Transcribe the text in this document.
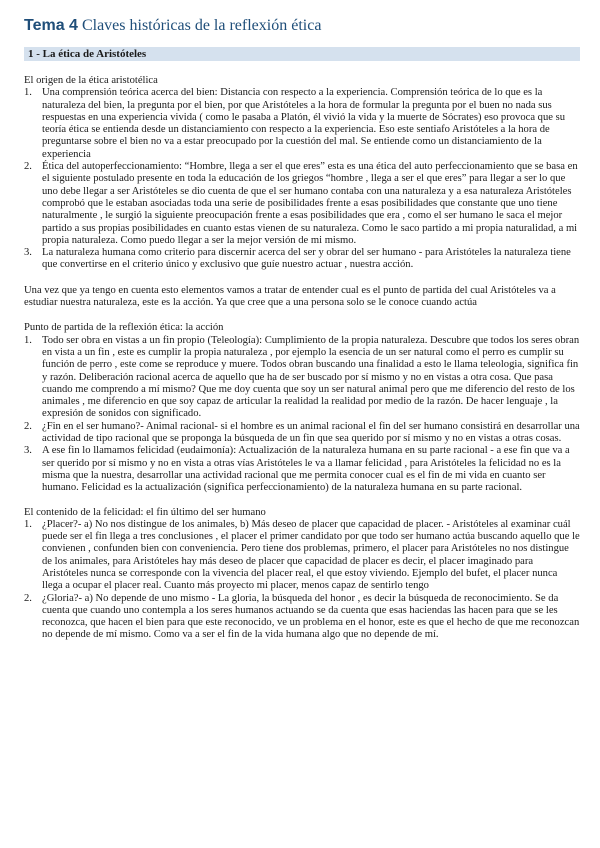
Tema 4 Claves históricas de la reflexión ética
1 - La ética de Aristóteles

El origen de la ética aristotélica

1. Una comprensión teórica acerca del bien: Distancia con respecto a la experiencia. Comprensión teórica de lo que es la naturaleza del bien, la pregunta por el bien, por que Aristóteles a la hora de formular la pregunta por el buen no nada sus respuestas en una experiencia vivida ( como le pasaba a Platón, él vivió la vida y la muerte de Sócrates) eso provoca que su teoría ética se entienda desde un distanciamiento con respecto a la experiencia. Eso este sentiafo Aristóteles a la hora de preguntarse sobre el bien no va a estar preocupado por la cuestión del mal. Se entiende como un distanciamiento de la experiencia
2. Ética del autoperfeccionamiento: “Hombre, llega a ser el que eres” esta es una ética del auto perfeccionamiento que se basa en el siguiente postulado presente en toda la educación de los griegos “hombre , llega a ser el que eres” para llegar a ser lo que uno debe llegar a ser Aristóteles se dio cuenta de que el ser humano contaba con una naturaleza y a esa naturaleza Aristóteles comprobó que le estaban asociadas toda una serie de posibilidades frente a esas posibilidades que constante que uno tiene naturalmente , le surgió la siguiente preocupación frente a esas posibilidades que era , como el ser humano le saca el mejor partido a sus propias posibilidades en cuanto estas vienen de su naturaleza. Como le saco partido a mi propia naturalidad, a mi propia naturaleza. Como puedo llegar a ser la mejor versión de mi mismo.
3. La naturaleza humana como criterio para discernir acerca del ser y obrar del ser humano - para Aristóteles la naturaleza tiene que convertirse en el criterio único y exclusivo que guíe nuestro actuar , nuestra acción.

Una vez que ya tengo en cuenta esto elementos vamos a tratar de entender cual es el punto de partida del cual Aristóteles va a estudiar nuestra naturaleza, este es la acción. Ya que cree que a una persona solo se le conoce cuando actúa

Punto de partida de la reflexión ética: la acción

1. Todo ser obra en vistas a un fin propio (Teleología): Cumplimiento de la propia naturaleza. Descubre que todos los seres obran en vista a un fin , este es cumplir la propia naturaleza , por ejemplo la esencia de un ser natural como el perro es cumplir su función de perro , este come se reproduce y muere. Todos obran buscando una finalidad a esto le llama teleologia, significa fin y razón. Deliberación racional acerca de aquello que ha de ser buscado por sí mismo y no en vistas a otra cosa. Que pasa cuando me comprendo a mí mismo? Que me doy cuenta que soy un ser natural animal pero que me diferencio del resto de los animales , me diferencio en que soy capaz de articular la realidad la realidad por medio de la razón. De hacer lenguaje , la expresión de sonidos con significado.
2. ¿Fin en el ser humano?- Animal racional- si el hombre es un animal racional el fin del ser humano consistirá en desarrollar una actividad de tipo racional que se proponga la búsqueda de un fin que sea querido por sí mismo y no en vistas a otras cosas.
3. A ese fin lo llamamos felicidad (eudaimonía): Actualización de la naturaleza humana en su parte racional - a ese fin que va a ser querido por sí mismo y no en vista a otras vías Aristóteles le va a llamar felicidad , para Aristóteles la felicidad no es la misma que la nuestra, desarrollar una actividad racional que me permita conocer cual es el fin de mi vida en cuanto ser humano. Felicidad es la actualización (significa perfeccionamiento) de la naturaleza humana en su parte racional.

El contenido de la felicidad: el fin último del ser humano

1. ¿Placer?- a) No nos distingue de los animales, b) Más deseo de placer que capacidad de placer. - Aristóteles al examinar cuál puede ser el fin llega a tres conclusiones , el placer el primer candidato por que todo ser humano actúa buscando aquello que le convienen , confunden bien con conveniencia. Pero tiene dos problemas, primero, el placer para Aristóteles no nos distingue de los animales, para Aristóteles hay más deseo de placer que capacidad de placer es decir, el placer imaginado para Aristóteles nunca se corresponde con la vivencia del placer real, el que estoy viviendo. Ejemplo del bufet, el placer nunca llega a ocupar el placer real. Cuanto más proyecto mi placer, menos capaz de sentirlo tengo
2. ¿Gloria?- a) No depende de uno mismo - La gloria, la búsqueda del honor , es decir la búsqueda de reconocimiento. Se da cuenta que cuando uno contempla a los seres humanos actuando se da cuenta que esas haciendas las hacen para que se les reconozca, que hacen el bien para que este reconocido, ve un problema en el honor, este es que el hecho de que me reconozcan no depende de mí mismo. Como va a ser el fin de la vida humana algo que no depende de mí.
